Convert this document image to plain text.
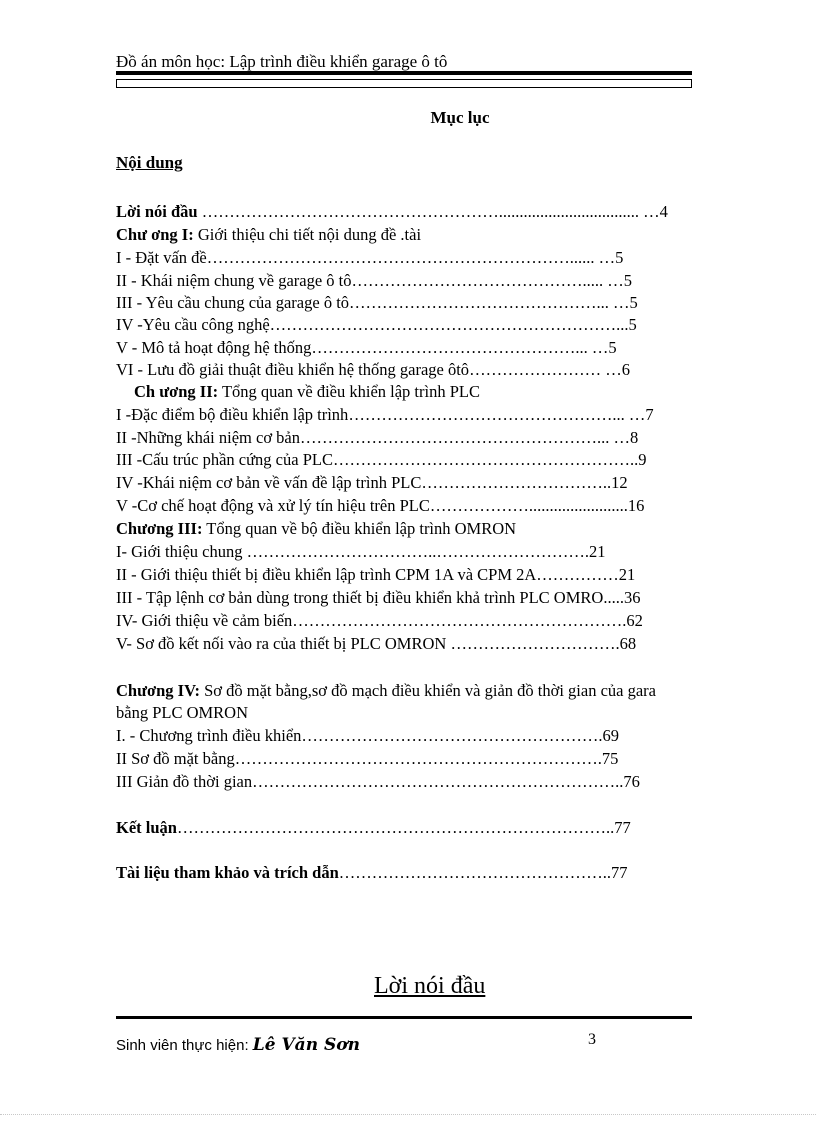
Đồ án môn học: Lập trình điều khiển garage ô tô
Mục lục
Nội dung
Lời nói đầu ……………………………………………….................................. …4
Chư ơng I: Giới thiệu chi tiết nội dung đề .tài
I - Đặt vấn đề…………………………………………………………...... …5
II - Khái niệm chung về garage ô tô……………………………………..... …5
III - Yêu cầu chung của garage ô tô………………………………………... …5
IV -Yêu cầu công nghệ………………………………………………………...5
V - Mô tả hoạt động hệ thống…………………………………………... …5
VI - Lưu đồ giải thuật điều khiển hệ thống garage ôtô…………………… …6
Ch ương II: Tổng quan về điều khiển lập trình PLC
I -Đặc điểm bộ điều khiển lập trình…………………………………………... …7
II -Những khái niệm cơ bản………………………………………………... …8
III -Cấu trúc phần cứng của PLC………………………………………………..9
IV -Khái niệm cơ bản về vấn đề lập trình PLC……………………………..12
V -Cơ chế hoạt động và xử lý tín hiệu trên PLC………………........................16
Chương III: Tổng quan về bộ điều khiển lập trình OMRON
I- Giới thiệu chung ……………………………..……………………….21
II - Giới thiệu thiết bị điều khiển lập trình CPM 1A và CPM 2A……………21
III - Tập lệnh cơ bản dùng trong thiết bị điều khiển khả trình PLC OMRO.....36
IV- Giới thiệu về cảm biến…………………………………………………….62
V- Sơ đồ kết nối vào ra của thiết bị PLC OMRON ………………………….68
Chương IV: Sơ đồ mặt bằng,sơ đồ mạch điều khiển và giản đồ thời gian của gara
bằng PLC OMRON
I. - Chương trình điều khiển……………………………………………….69
II Sơ đồ mặt bằng………………………………………………………….75
III Giản đồ thời gian…………………………………………………………..76
Kết luận……………………………………………………………………..77
Tài liệu tham khảo và trích dẫn…………………………………………..77
Lời nói đầu
Sinh viên thực hiện: Lê Văn Sơn	3
